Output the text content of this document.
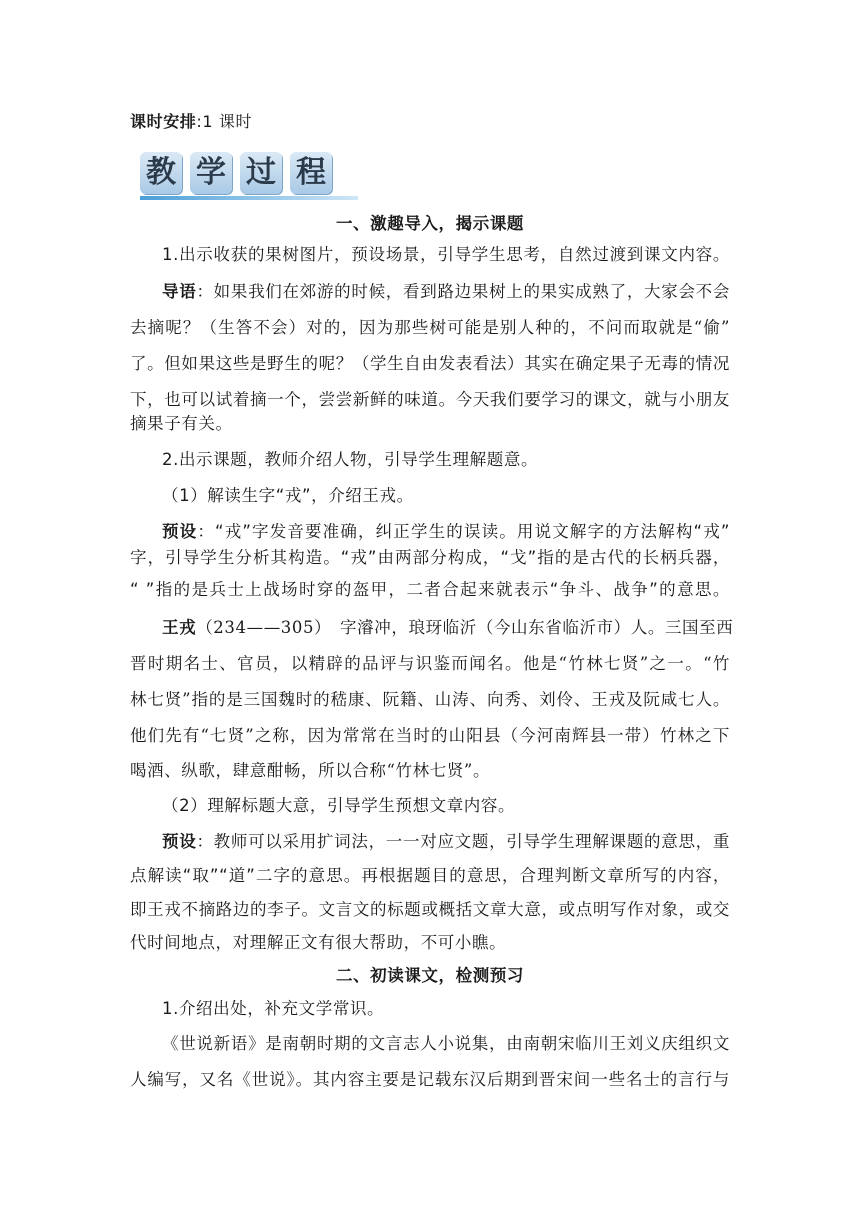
课时安排:1 课时
教 学 过 程
一、激趣导入，揭示课题
1.出示收获的果树图片，预设场景，引导学生思考，自然过渡到课文内容。
导语：如果我们在郊游的时候，看到路边果树上的果实成熟了，大家会不会
去摘呢？（生答不会）对的，因为那些树可能是别人种的，不问而取就是“偷”
了。但如果这些是野生的呢？（学生自由发表看法）其实在确定果子无毒的情况
下，也可以试着摘一个，尝尝新鲜的味道。今天我们要学习的课文，就与小朋友
摘果子有关。
2.出示课题，教师介绍人物，引导学生理解题意。
（1）解读生字“戎”，介绍王戎。
预设：“戎”字发音要准确，纠正学生的误读。用说文解字的方法解构“戎”
字，引导学生分析其构造。“戎”由两部分构成，“戈”指的是古代的长柄兵器，
“ ”指的是兵士上战场时穿的盔甲，二者合起来就表示“争斗、战争”的意思。
王戎（234——305）　字濬冲，琅玡临沂（今山东省临沂市）人。三国至西
晋时期名士、官员，以精辟的品评与识鉴而闻名。他是“竹林七贤”之一。“竹
林七贤”指的是三国魏时的嵇康、阮籍、山涛、向秀、刘伶、王戎及阮咸七人。
他们先有“七贤”之称，因为常常在当时的山阳县（今河南辉县一带）竹林之下
喝酒、纵歌，肆意酣畅，所以合称“竹林七贤”。
（2）理解标题大意，引导学生预想文章内容。
预设：教师可以采用扩词法，一一对应文题，引导学生理解课题的意思，重
点解读“取”“道”二字的意思。再根据题目的意思，合理判断文章所写的内容，
即王戎不摘路边的李子。文言文的标题或概括文章大意，或点明写作对象，或交
代时间地点，对理解正文有很大帮助，不可小瞧。
二、初读课文，检测预习
1.介绍出处，补充文学常识。
《世说新语》是南朝时期的文言志人小说集，由南朝宋临川王刘义庆组织文
人编写，又名《世说》。其内容主要是记载东汉后期到晋宋间一些名士的言行与
